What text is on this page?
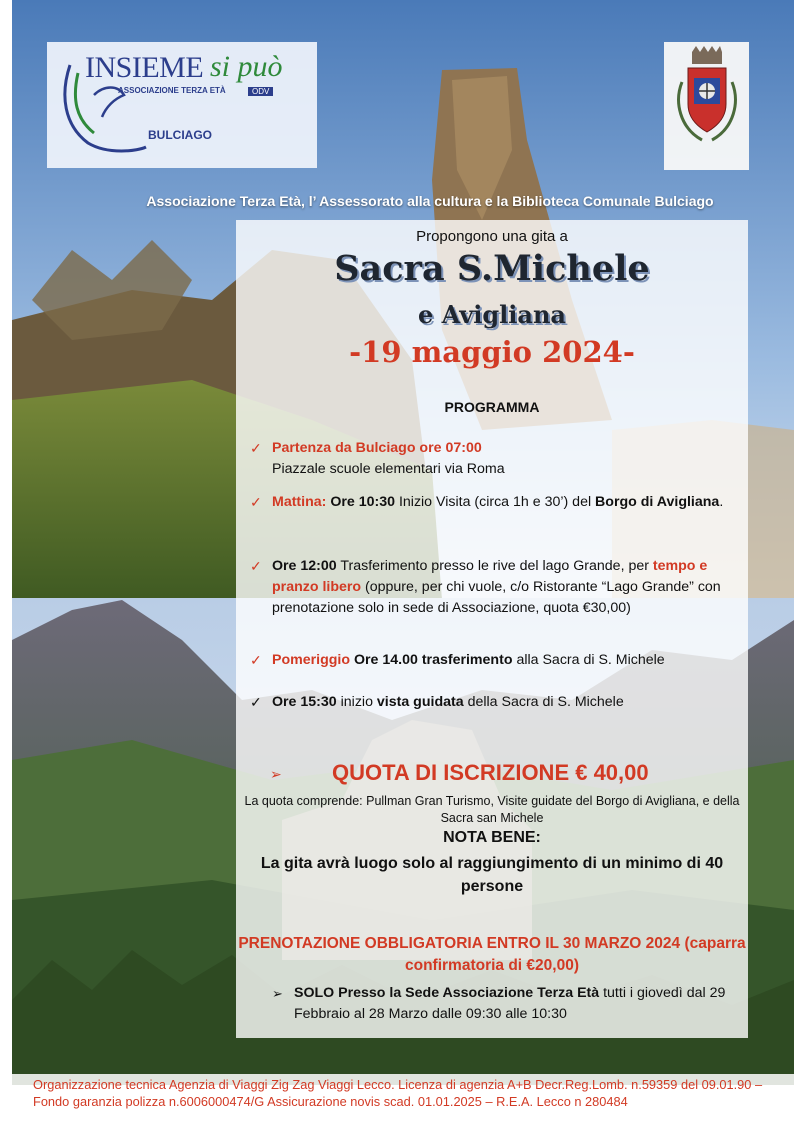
INSIEME si può
ASSOCIAZIONE TERZA ETÀ	ODV
BULCIAGO
Associazione Terza Età, l’ Assessorato alla cultura e la Biblioteca Comunale Bulciago
Propongono una gita a
Sacra S.Michele
e Avigliana
-19 maggio 2024-
PROGRAMMA
✓ Partenza da Bulciago ore 07:00
Piazzale scuole elementari via Roma
✓ Mattina: Ore 10:30 Inizio Visita (circa 1h e 30’) del Borgo di Avigliana.
✓ Ore 12:00 Trasferimento presso le rive del lago Grande, per tempo e pranzo libero (oppure, per chi vuole, c/o Ristorante “Lago Grande” con prenotazione solo in sede di Associazione, quota €30,00)
✓ Pomeriggio Ore 14.00 trasferimento alla Sacra di S. Michele
✓ Ore 15:30 inizio vista guidata della Sacra di S. Michele
➢ QUOTA DI ISCRIZIONE € 40,00
La quota comprende: Pullman Gran Turismo, Visite guidate del Borgo di Avigliana, e della Sacra san Michele
NOTA BENE:
La gita avrà luogo solo al raggiungimento di un minimo di 40 persone
PRENOTAZIONE OBBLIGATORIA ENTRO IL 30 MARZO 2024 (caparra confirmatoria di €20,00)
➢ SOLO Presso la Sede Associazione Terza Età tutti i giovedì dal 29 Febbraio al 28 Marzo dalle 09:30 alle 10:30
Organizzazione tecnica Agenzia di Viaggi Zig Zag Viaggi Lecco. Licenza di agenzia A+B Decr.Reg.Lomb. n.59359 del 09.01.90 – Fondo garanzia polizza n.6006000474/G Assicurazione novis scad. 01.01.2025 – R.E.A. Lecco n 280484
